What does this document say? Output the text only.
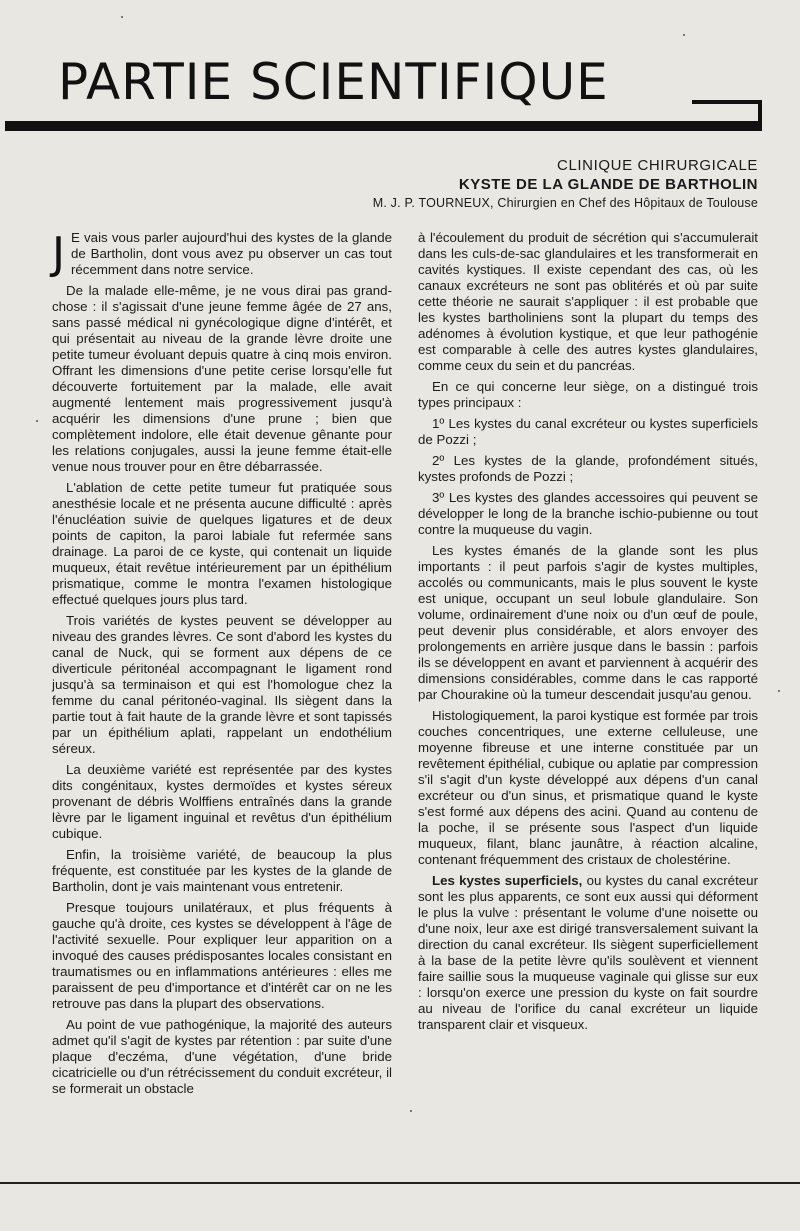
PARTIE SCIENTIFIQUE
CLINIQUE CHIRURGICALE
KYSTE DE LA GLANDE DE BARTHOLIN
M. J. P. TOURNEUX, Chirurgien en Chef des Hôpitaux de Toulouse

J E vais vous parler aujourd'hui des kystes de la glande de Bartholin, dont vous avez pu observer un cas tout récemment dans notre service.

De la malade elle-même, je ne vous dirai pas grand-chose : il s'agissait d'une jeune femme âgée de 27 ans, sans passé médical ni gynécologique digne d'intérêt, et qui présentait au niveau de la grande lèvre droite une petite tumeur évoluant depuis quatre à cinq mois environ. Offrant les dimensions d'une petite cerise lorsqu'elle fut découverte fortuitement par la malade, elle avait augmenté lentement mais progressivement jusqu'à acquérir les dimensions d'une prune ; bien que complètement indolore, elle était devenue gênante pour les relations conjugales, aussi la jeune femme était-elle venue nous trouver pour en être débarrassée.

L'ablation de cette petite tumeur fut pratiquée sous anesthésie locale et ne présenta aucune difficulté : après l'énucléation suivie de quelques ligatures et de deux points de capiton, la paroi labiale fut refermée sans drainage. La paroi de ce kyste, qui contenait un liquide muqueux, était revêtue intérieurement par un épithélium prismatique, comme le montra l'examen histologique effectué quelques jours plus tard.

Trois variétés de kystes peuvent se développer au niveau des grandes lèvres. Ce sont d'abord les kystes du canal de Nuck, qui se forment aux dépens de ce diverticule péritonéal accompagnant le ligament rond jusqu'à sa terminaison et qui est l'homologue chez la femme du canal péritonéo-vaginal. Ils siègent dans la partie tout à fait haute de la grande lèvre et sont tapissés par un épithélium aplati, rappelant un endothélium séreux.

La deuxième variété est représentée par des kystes dits congénitaux, kystes dermoïdes et kystes séreux provenant de débris Wolffiens entraînés dans la grande lèvre par le ligament inguinal et revêtus d'un épithélium cubique.

Enfin, la troisième variété, de beaucoup la plus fréquente, est constituée par les kystes de la glande de Bartholin, dont je vais maintenant vous entretenir.

Presque toujours unilatéraux, et plus fréquents à gauche qu'à droite, ces kystes se développent à l'âge de l'activité sexuelle. Pour expliquer leur apparition on a invoqué des causes prédisposantes locales consistant en traumatismes ou en inflammations antérieures : elles me paraissent de peu d'importance et d'intérêt car on ne les retrouve pas dans la plupart des observations.

Au point de vue pathogénique, la majorité des auteurs admet qu'il s'agit de kystes par rétention : par suite d'une plaque d'eczéma, d'une végétation, d'une bride cicatricielle ou d'un rétrécissement du conduit excréteur, il se formerait un obstacle

à l'écoulement du produit de sécrétion qui s'accumulerait dans les culs-de-sac glandulaires et les transformerait en cavités kystiques. Il existe cependant des cas, où les canaux excréteurs ne sont pas oblitérés et où par suite cette théorie ne saurait s'appliquer : il est probable que les kystes bartholiniens sont la plupart du temps des adénomes à évolution kystique, et que leur pathogénie est comparable à celle des autres kystes glandulaires, comme ceux du sein et du pancréas.

En ce qui concerne leur siège, on a distingué trois types principaux :

1º Les kystes du canal excréteur ou kystes superficiels de Pozzi ;

2º Les kystes de la glande, profondément situés, kystes profonds de Pozzi ;

3º Les kystes des glandes accessoires qui peuvent se développer le long de la branche ischio-pubienne ou tout contre la muqueuse du vagin.

Les kystes émanés de la glande sont les plus importants : il peut parfois s'agir de kystes multiples, accolés ou communicants, mais le plus souvent le kyste est unique, occupant un seul lobule glandulaire. Son volume, ordinairement d'une noix ou d'un œuf de poule, peut devenir plus considérable, et alors envoyer des prolongements en arrière jusque dans le bassin : parfois ils se développent en avant et parviennent à acquérir des dimensions considérables, comme dans le cas rapporté par Chourakine où la tumeur descendait jusqu'au genou.

Histologiquement, la paroi kystique est formée par trois couches concentriques, une externe celluleuse, une moyenne fibreuse et une interne constituée par un revêtement épithélial, cubique ou aplatie par compression s'il s'agit d'un kyste développé aux dépens d'un canal excréteur ou d'un sinus, et prismatique quand le kyste s'est formé aux dépens des acini. Quand au contenu de la poche, il se présente sous l'aspect d'un liquide muqueux, filant, blanc jaunâtre, à réaction alcaline, contenant fréquemment des cristaux de cholestérine.

Les kystes superficiels, ou kystes du canal excréteur sont les plus apparents, ce sont eux aussi qui déforment le plus la vulve : présentant le volume d'une noisette ou d'une noix, leur axe est dirigé transversalement suivant la direction du canal excréteur. Ils siègent superficiellement à la base de la petite lèvre qu'ils soulèvent et viennent faire saillie sous la muqueuse vaginale qui glisse sur eux : lorsqu'on exerce une pression du kyste on fait sourdre au niveau de l'orifice du canal excréteur un liquide transparent clair et visqueux.
